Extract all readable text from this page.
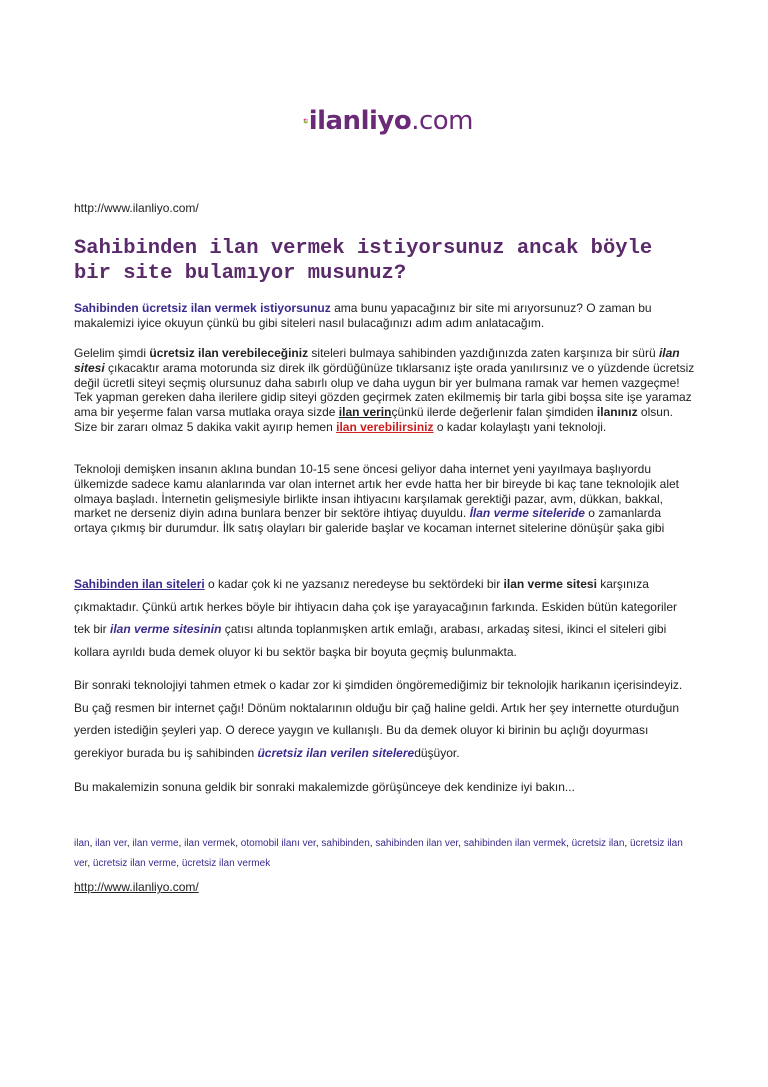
ilanliyo.com
http://www.ilanliyo.com/
Sahibinden ilan vermek istiyorsunuz ancak böyle bir site bulamıyor musunuz?

Sahibinden ücretsiz ilan vermek istiyorsunuz ama bunu yapacağınız bir site mi arıyorsunuz? O zaman bu makalemizi iyice okuyun çünkü bu gibi siteleri nasıl bulacağınızı adım adım anlatacağım.

Gelelim şimdi ücretsiz ilan verebileceğiniz siteleri bulmaya sahibinden yazdığınızda zaten karşınıza bir sürü ilan sitesi çıkacaktır arama motorunda siz direk ilk gördüğünüze tıklarsanız işte orada yanılırsınız ve o yüzdende ücretsiz değil ücretli siteyi seçmiş olursunuz daha sabırlı olup ve daha uygun bir yer bulmana ramak var hemen vazgeçme! Tek yapman gereken daha ilerilere gidip siteyi gözden geçirmek zaten ekilmemiş bir tarla gibi boşsa site işe yaramaz ama bir yeşerme falan varsa mutlaka oraya sizde ilan verinçünkü ilerde değerlenir falan şimdiden ilanınız olsun. Size bir zararı olmaz 5 dakika vakit ayırıp hemen ilan verebilirsiniz o kadar kolaylaştı yani teknoloji.

Teknoloji demişken insanın aklına bundan 10-15 sene öncesi geliyor daha internet yeni yayılmaya başlıyordu ülkemizde sadece kamu alanlarında var olan internet artık her evde hatta her bir bireyde bi kaç tane teknolojik alet olmaya başladı. İnternetin gelişmesiyle birlikte insan ihtiyacını karşılamak gerektiği pazar, avm, dükkan, bakkal, market ne derseniz diyin adına bunlara benzer bir sektöre ihtiyaç duyuldu. İlan verme siteleride o zamanlarda ortaya çıkmış bir durumdur. İlk satış olayları bir galeride başlar ve kocaman internet sitelerine dönüşür şaka gibi

Sahibinden ilan siteleri o kadar çok ki ne yazsanız neredeyse bu sektördeki bir ilan verme sitesi karşınıza çıkmaktadır. Çünkü artık herkes böyle bir ihtiyacın daha çok işe yarayacağının farkında. Eskiden bütün kategoriler tek bir ilan verme sitesinin çatısı altında toplanmışken artık emlağı, arabası, arkadaş sitesi, ikinci el siteleri gibi kollara ayrıldı buda demek oluyor ki bu sektör başka bir boyuta geçmiş bulunmakta.

Bir sonraki teknolojiyi tahmen etmek o kadar zor ki şimdiden öngöremediğimiz bir teknolojik harikanın içerisindeyiz. Bu çağ resmen bir internet çağı! Dönüm noktalarının olduğu bir çağ haline geldi. Artık her şey internette oturduğun yerden istediğin şeyleri yap. O derece yaygın ve kullanışlı. Bu da demek oluyor ki birinin bu açlığı doyurması gerekiyor burada bu iş sahibinden ücretsiz ilan verilen siteleredüşüyor.

Bu makalemizin sonuna geldik bir sonraki makalemizde görüşünceye dek kendinize iyi bakın...

ilan, ilan ver, ilan verme, ilan vermek, otomobil ilanı ver, sahibinden, sahibinden ilan ver, sahibinden ilan vermek, ücretsiz ilan, ücretsiz ilan ver, ücretsiz ilan verme, ücretsiz ilan vermek
http://www.ilanliyo.com/
